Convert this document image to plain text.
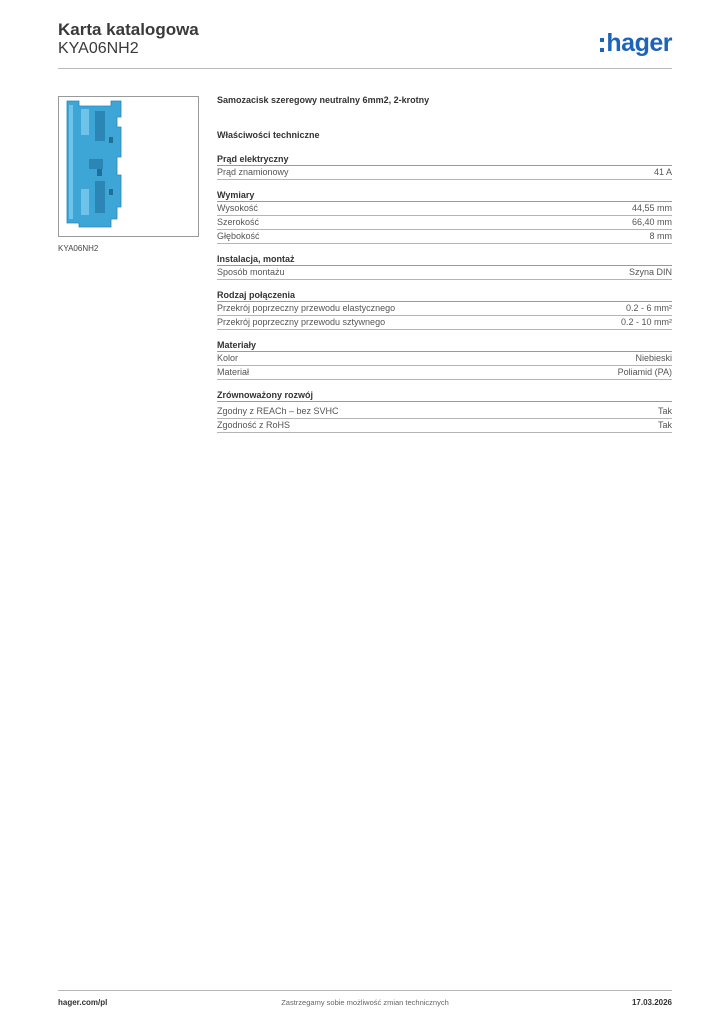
Karta katalogowa
KYA06NH2	hager
KYA06NH2
Samozacisk szeregowy neutralny 6mm2, 2-krotny
Właściwości techniczne
Prąd elektryczny
Prąd znamionowy	41 A
Wymiary
Wysokość	44,55 mm
Szerokość	66,40 mm
Głębokość	8 mm
Instalacja, montaż
Sposób montażu	Szyna DIN
Rodzaj połączenia
Przekrój poprzeczny przewodu elastycznego	0.2 - 6 mm²
Przekrój poprzeczny przewodu sztywnego	0.2 - 10 mm²
Materiały
Kolor	Niebieski
Materiał	Poliamid (PA)
Zrównoważony rozwój
Zgodny z REACh – bez SVHC	Tak
Zgodność z RoHS	Tak
hager.com/pl	Zastrzegamy sobie możliwość zmian technicznych	17.03.2026
